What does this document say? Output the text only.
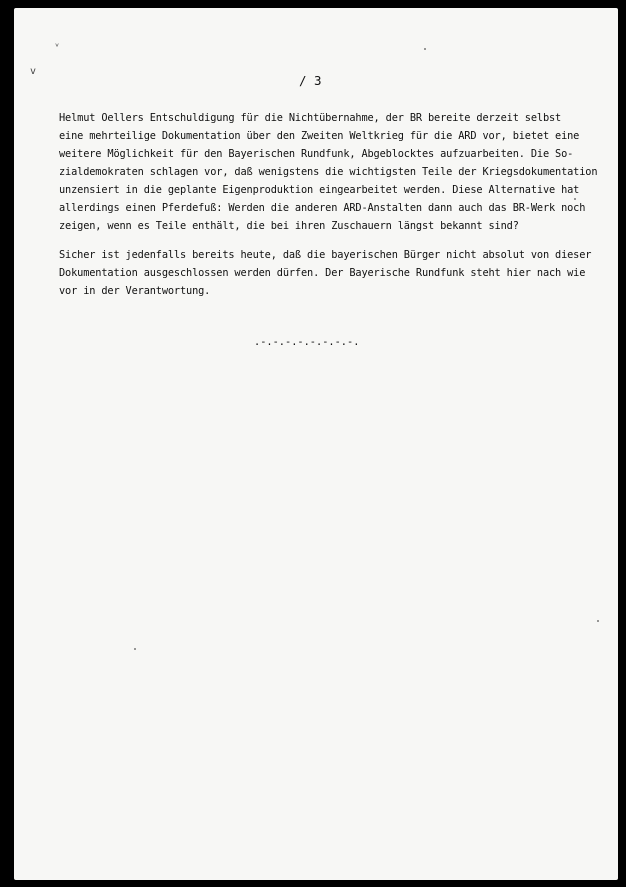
ᵛ
v
/ 3
Helmut Oellers Entschuldigung für die Nichtübernahme, der BR bereite derzeit selbst
eine mehrteilige Dokumentation über den Zweiten Weltkrieg für die ARD vor, bietet eine
weitere Möglichkeit für den Bayerischen Rundfunk, Abgeblocktes aufzuarbeiten. Die So-
zialdemokraten schlagen vor, daß wenigstens die wichtigsten Teile der Kriegsdokumentation
unzensiert in die geplante Eigenproduktion eingearbeitet werden. Diese Alternative hat
allerdings einen Pferdefuß: Werden die anderen ARD-Anstalten dann auch das BR-Werk noch
zeigen, wenn es Teile enthält, die bei ihren Zuschauern längst bekannt sind?
Sicher ist jedenfalls bereits heute, daß die bayerischen Bürger nicht absolut von dieser
Dokumentation ausgeschlossen werden dürfen. Der Bayerische Rundfunk steht hier nach wie
vor in der Verantwortung.
.-.-.-.-.-.-.-.-.
